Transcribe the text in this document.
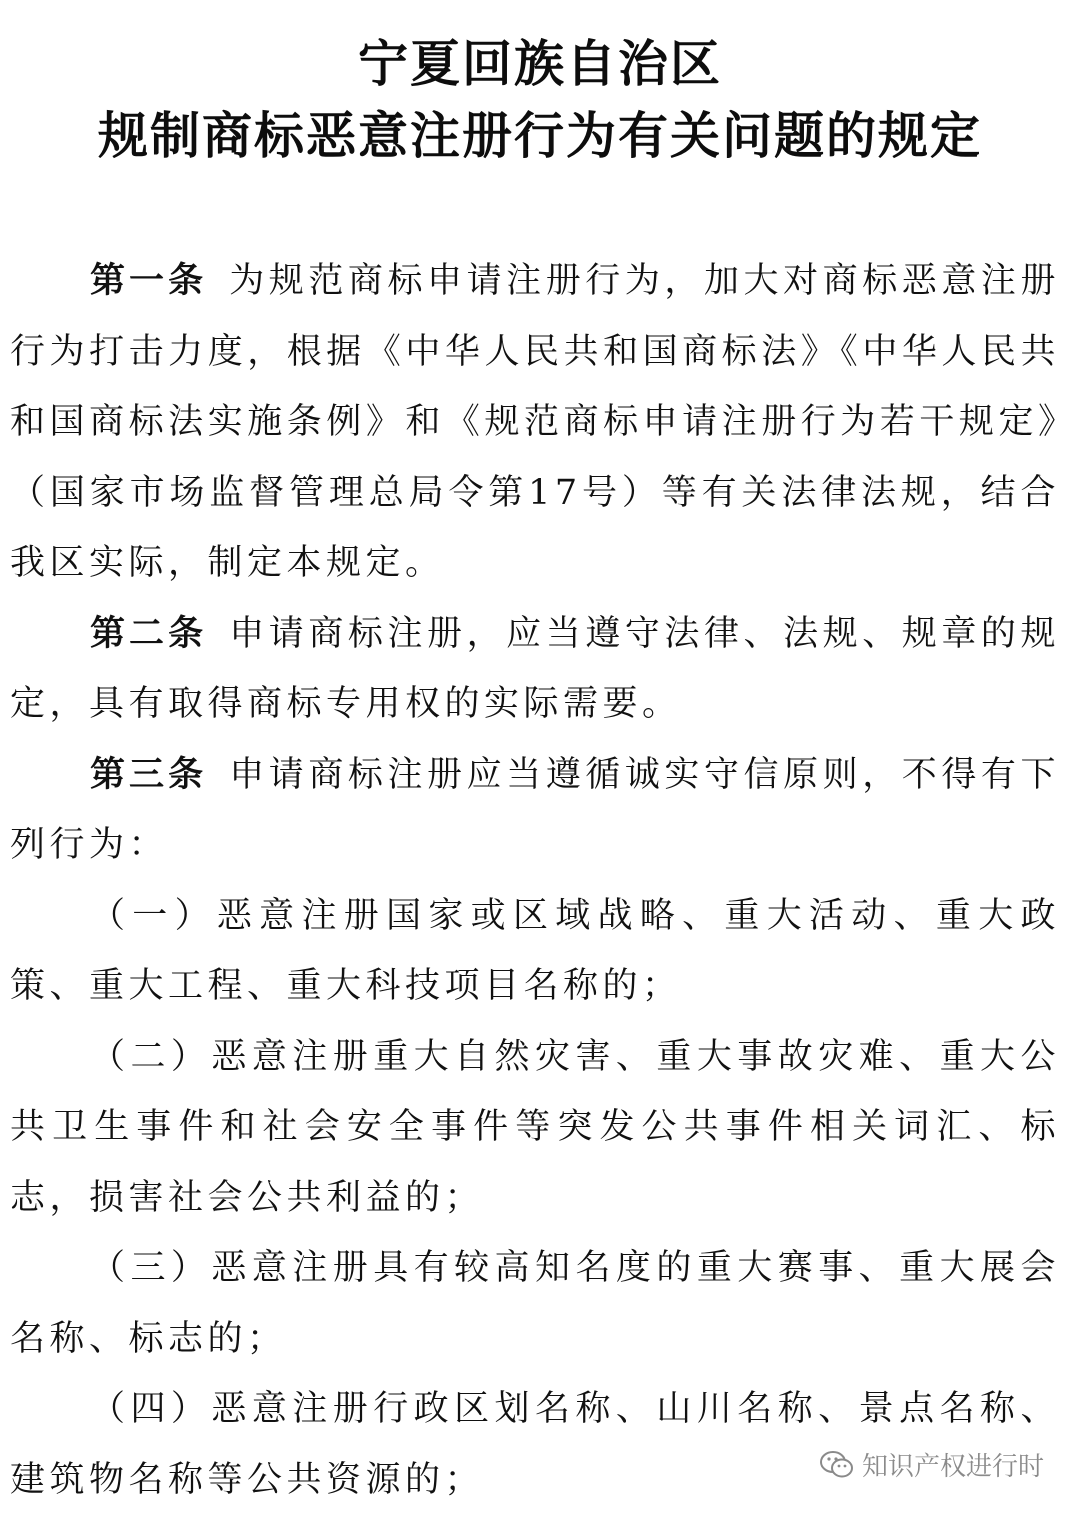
宁夏回族自治区
规制商标恶意注册行为有关问题的规定

第一条 为规范商标申请注册行为，加大对商标恶意注册行为打击力度，根据《中华人民共和国商标法》《中华人民共和国商标法实施条例》和《规范商标申请注册行为若干规定》（国家市场监督管理总局令第17号）等有关法律法规，结合我区实际，制定本规定。

第二条 申请商标注册，应当遵守法律、法规、规章的规定，具有取得商标专用权的实际需要。

第三条 申请商标注册应当遵循诚实守信原则，不得有下列行为：

（一）恶意注册国家或区域战略、重大活动、重大政策、重大工程、重大科技项目名称的；

（二）恶意注册重大自然灾害、重大事故灾难、重大公共卫生事件和社会安全事件等突发公共事件相关词汇、标志，损害社会公共利益的；

（三）恶意注册具有较高知名度的重大赛事、重大展会名称、标志的；

（四）恶意注册行政区划名称、山川名称、景点名称、建筑物名称等公共资源的；	知识产权进行时
